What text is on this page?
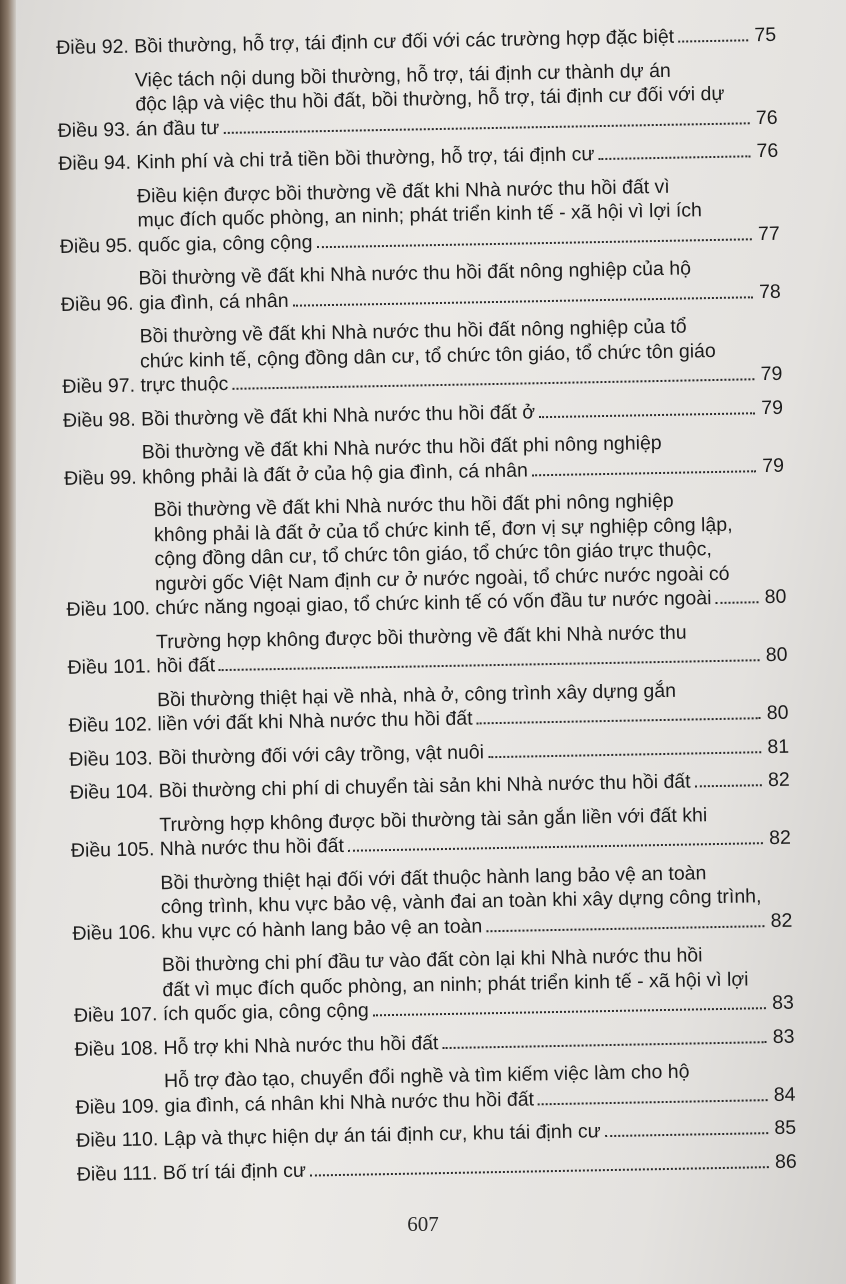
Điều 92. Bồi thường, hỗ trợ, tái định cư đối với các trường hợp đặc biệt	75
Điều 93.
Việc tách nội dung bồi thường, hỗ trợ, tái định cư thành dự án
độc lập và việc thu hồi đất, bồi thường, hỗ trợ, tái định cư đối với dự
án đầu tư	76
Điều 94. Kinh phí và chi trả tiền bồi thường, hỗ trợ, tái định cư	76
Điều 95.
Điều kiện được bồi thường về đất khi Nhà nước thu hồi đất vì
mục đích quốc phòng, an ninh; phát triển kinh tế - xã hội vì lợi ích
quốc gia, công cộng	77
Điều 96.
Bồi thường về đất khi Nhà nước thu hồi đất nông nghiệp của hộ
gia đình, cá nhân	78
Điều 97.
Bồi thường về đất khi Nhà nước thu hồi đất nông nghiệp của tổ
chức kinh tế, cộng đồng dân cư, tổ chức tôn giáo, tổ chức tôn giáo
trực thuộc	79
Điều 98. Bồi thường về đất khi Nhà nước thu hồi đất ở	79
Điều 99.
Bồi thường về đất khi Nhà nước thu hồi đất phi nông nghiệp
không phải là đất ở của hộ gia đình, cá nhân	79
Điều 100.
Bồi thường về đất khi Nhà nước thu hồi đất phi nông nghiệp
không phải là đất ở của tổ chức kinh tế, đơn vị sự nghiệp công lập,
cộng đồng dân cư, tổ chức tôn giáo, tổ chức tôn giáo trực thuộc,
người gốc Việt Nam định cư ở nước ngoài, tổ chức nước ngoài có
chức năng ngoại giao, tổ chức kinh tế có vốn đầu tư nước ngoài	80
Điều 101.
Trường hợp không được bồi thường về đất khi Nhà nước thu
hồi đất	80
Điều 102.
Bồi thường thiệt hại về nhà, nhà ở, công trình xây dựng gắn
liền với đất khi Nhà nước thu hồi đất	80
Điều 103. Bồi thường đối với cây trồng, vật nuôi	81
Điều 104. Bồi thường chi phí di chuyển tài sản khi Nhà nước thu hồi đất	82
Điều 105.
Trường hợp không được bồi thường tài sản gắn liền với đất khi
Nhà nước thu hồi đất	82
Điều 106.
Bồi thường thiệt hại đối với đất thuộc hành lang bảo vệ an toàn
công trình, khu vực bảo vệ, vành đai an toàn khi xây dựng công trình,
khu vực có hành lang bảo vệ an toàn	82
Điều 107.
Bồi thường chi phí đầu tư vào đất còn lại khi Nhà nước thu hồi
đất vì mục đích quốc phòng, an ninh; phát triển kinh tế - xã hội vì lợi
ích quốc gia, công cộng	83
Điều 108. Hỗ trợ khi Nhà nước thu hồi đất	83
Điều 109.
Hỗ trợ đào tạo, chuyển đổi nghề và tìm kiếm việc làm cho hộ
gia đình, cá nhân khi Nhà nước thu hồi đất	84
Điều 110. Lập và thực hiện dự án tái định cư, khu tái định cư	85
Điều 111. Bố trí tái định cư	86
607
